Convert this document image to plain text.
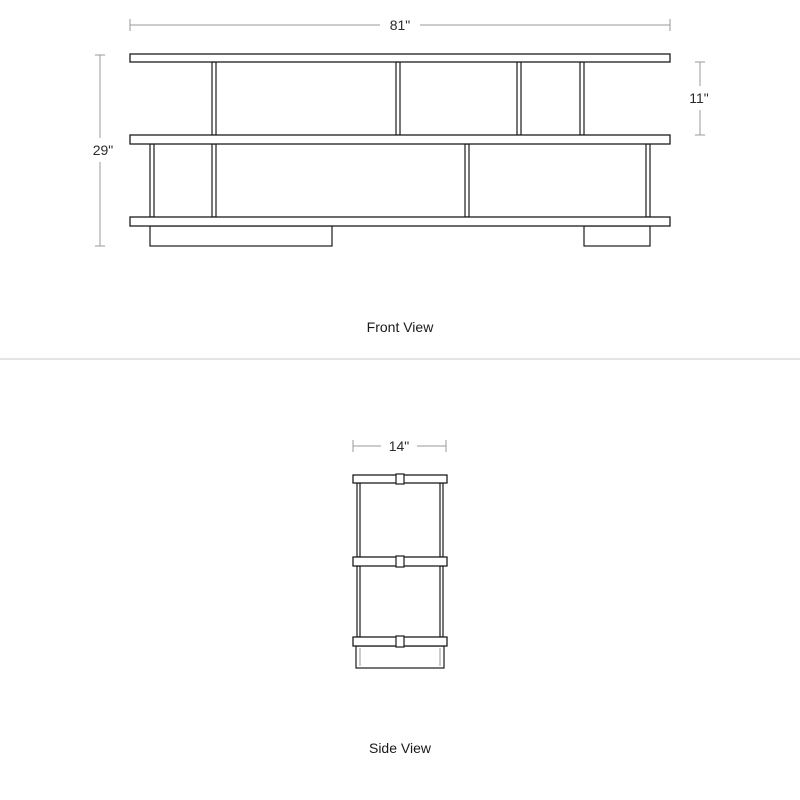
81"
29"
11"
Front View
14"
Side View
